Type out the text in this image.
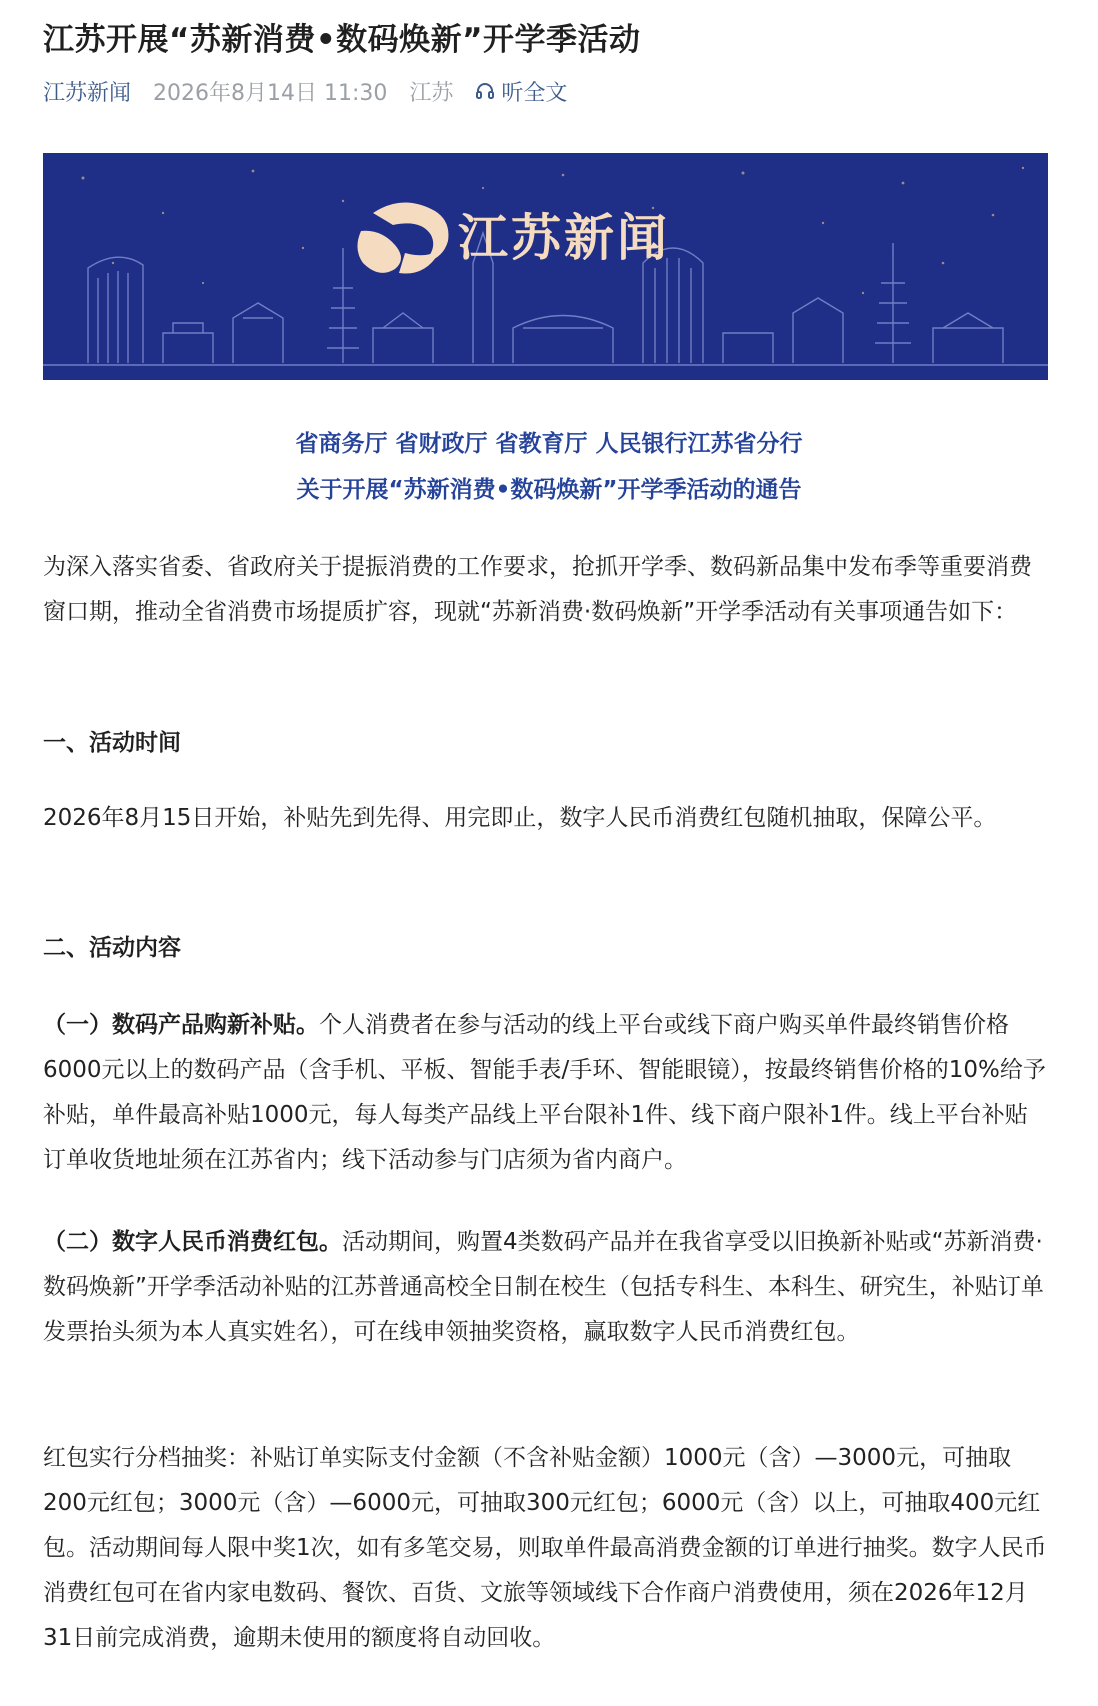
江苏开展“苏新消费•数码焕新”开学季活动
江苏新闻 2026年8月14日 11:30 江苏 听全文
江苏新闻
省商务厅 省财政厅 省教育厅 人民银行江苏省分行
关于开展“苏新消费•数码焕新”开学季活动的通告

为深入落实省委、省政府关于提振消费的工作要求，抢抓开学季、数码新品集中发布季等重要消费窗口期，推动全省消费市场提质扩容，现就“苏新消费·数码焕新”开学季活动有关事项通告如下：

一、活动时间

2026年8月15日开始，补贴先到先得、用完即止，数字人民币消费红包随机抽取，保障公平。

二、活动内容

（一）数码产品购新补贴。个人消费者在参与活动的线上平台或线下商户购买单件最终销售价格6000元以上的数码产品（含手机、平板、智能手表/手环、智能眼镜），按最终销售价格的10%给予补贴，单件最高补贴1000元，每人每类产品线上平台限补1件、线下商户限补1件。线上平台补贴订单收货地址须在江苏省内；线下活动参与门店须为省内商户。

（二）数字人民币消费红包。活动期间，购置4类数码产品并在我省享受以旧换新补贴或“苏新消费·数码焕新”开学季活动补贴的江苏普通高校全日制在校生（包括专科生、本科生、研究生，补贴订单发票抬头须为本人真实姓名），可在线申领抽奖资格，赢取数字人民币消费红包。

红包实行分档抽奖：补贴订单实际支付金额（不含补贴金额）1000元（含）—3000元，可抽取200元红包；3000元（含）—6000元，可抽取300元红包；6000元（含）以上，可抽取400元红包。活动期间每人限中奖1次，如有多笔交易，则取单件最高消费金额的订单进行抽奖。数字人民币消费红包可在省内家电数码、餐饮、百货、文旅等领域线下合作商户消费使用，须在2026年12月31日前完成消费，逾期未使用的额度将自动回收。
